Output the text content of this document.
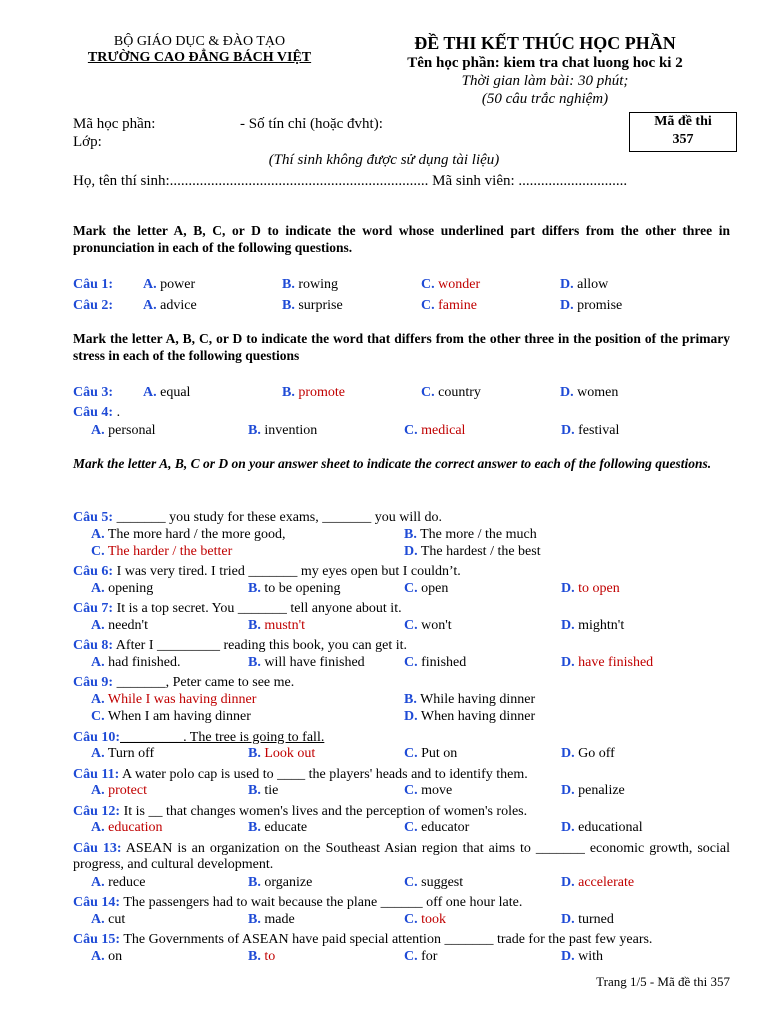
BỘ GIÁO DỤC & ĐÀO TẠO
TRƯỜNG CAO ĐẲNG BÁCH VIỆT
ĐỀ THI KẾT THÚC HỌC PHẦN
Tên học phần: kiem tra chat luong hoc ki 2
Thời gian làm bài: 30 phút;
(50 câu trắc nghiệm)
Mã học phần:	- Số tín chỉ (hoặc đvht):
Lớp:
Mã đề thi
357
(Thí sinh không được sử dụng tài liệu)
Họ, tên thí sinh:..................................................................... Mã sinh viên: .............................
Mark the letter A, B, C, or D to indicate the word whose underlined part differs from the other three in pronunciation in each of the following questions.
Câu 1:	A. power	B. rowing	C. wonder	D. allow
Câu 2:	A. advice	B. surprise	C. famine	D. promise
Mark the letter A, B, C, or D to indicate the word that differs from the other three in the position of the primary stress in each of the following questions
Câu 3:	A. equal	B. promote	C. country	D. women
Câu 4: .
A. personal	B. invention	C. medical	D. festival
Mark the letter A, B, C or D on your answer sheet to indicate the correct answer to each of the following questions.
Câu 5: _______ you study for these exams, _______ you will do.
A. The more hard / the more good,	B. The more / the much
C. The harder / the better	D. The hardest / the best
Câu 6: I was very tired. I tried _______ my eyes open but I couldn’t.
A. opening	B. to be opening	C. open	D. to open
Câu 7: It is a top secret. You _______ tell anyone about it.
A. needn't	B. mustn't	C. won't	D. mightn't
Câu 8: After I _________ reading this book, you can get it.
A. had finished.	B. will have finished	C. finished	D. have finished
Câu 9: _______, Peter came to see me.
A. While I was having dinner	B. While having dinner
C. When I am having dinner	D. When having dinner
Câu 10:_________. The tree is going to fall.
A. Turn off	B. Look out	C. Put on	D. Go off
Câu 11: A water polo cap is used to ____ the players' heads and to identify them.
A. protect	B. tie	C. move	D. penalize
Câu 12: It is __ that changes women's lives and the perception of women's roles.
A. education	B. educate	C. educator	D. educational
Câu 13: ASEAN is an organization on the Southeast Asian region that aims to _______ economic growth, social progress, and cultural development.
A. reduce	B. organize	C. suggest	D. accelerate
Câu 14: The passengers had to wait because the plane ______ off one hour late.
A. cut	B. made	C. took	D. turned
Câu 15: The Governments of ASEAN have paid special attention _______ trade for the past few years.
A. on	B. to	C. for	D. with
Trang 1/5 - Mã đề thi 357
